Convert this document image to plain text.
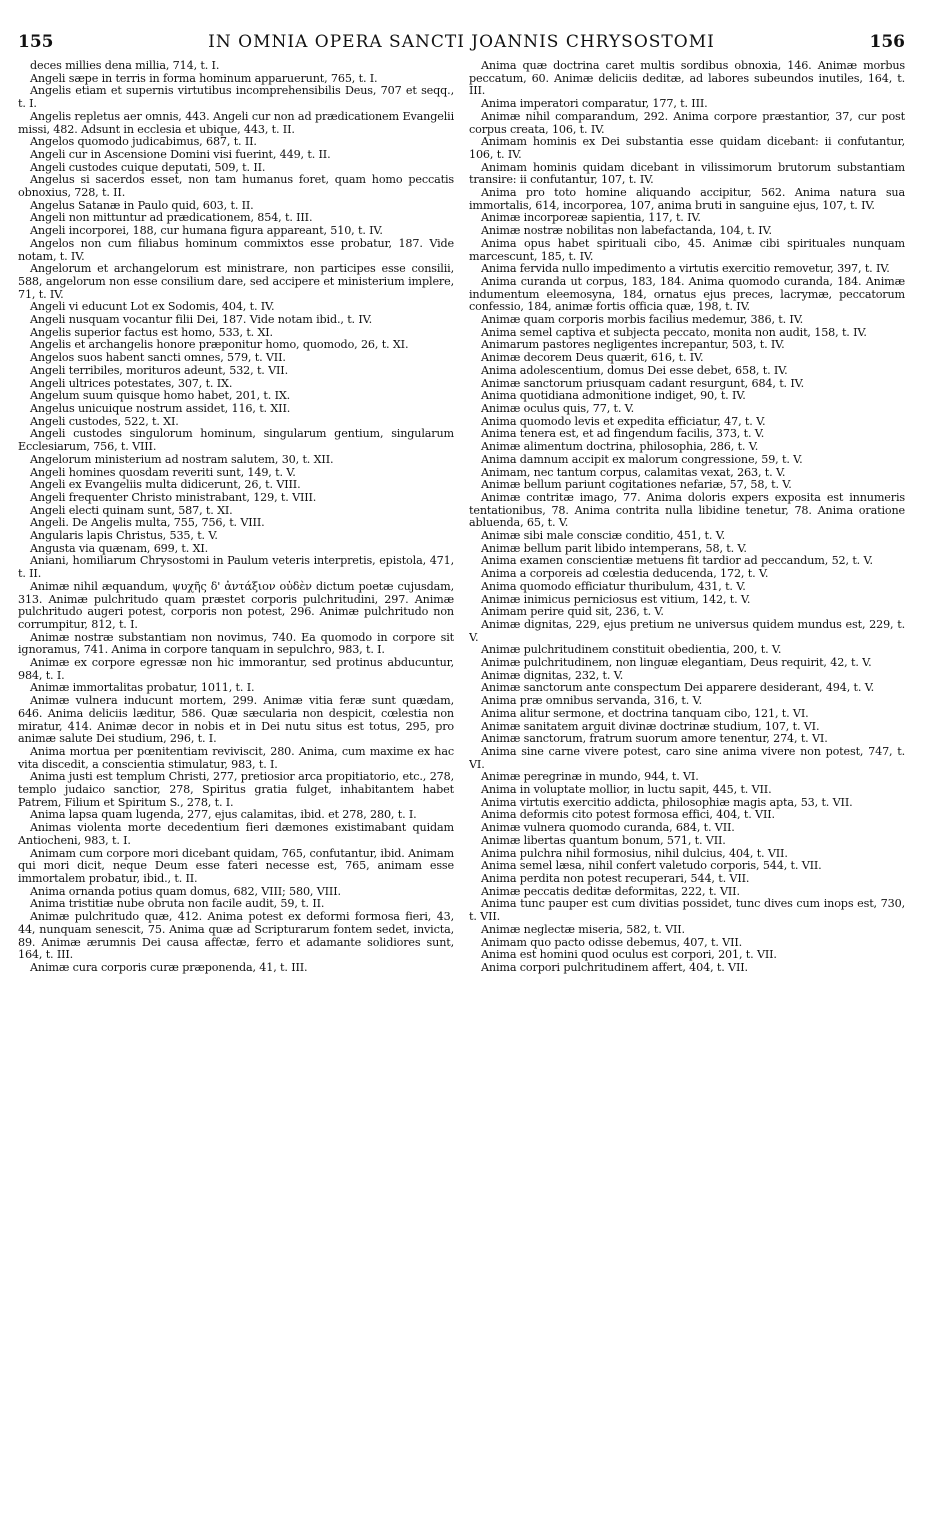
155	IN OMNIA OPERA SANCTI JOANNIS CHRYSOSTOMI	156

deces millies dena millia, 714, t. I.

Angeli sæpe in terris in forma hominum apparuerunt, 765, t. I.

Angelis etiam et supernis virtutibus incomprehensibilis Deus, 707 et seqq., t. I.

Angelis repletus aer omnis, 443. Angeli cur non ad prædicationem Evangelii missi, 482. Adsunt in ecclesia et ubique, 443, t. II.

Angelos quomodo judicabimus, 687, t. II.

Angeli cur in Ascensione Domini visi fuerint, 449, t. II.

Angeli custodes cuique deputati, 509, t. II.

Angelus si sacerdos esset, non tam humanus foret, quam homo peccatis obnoxius, 728, t. II.

Angelus Satanæ in Paulo quid, 603, t. II.

Angeli non mittuntur ad prædicationem, 854, t. III.

Angeli incorporei, 188, cur humana figura appareant, 510, t. IV.

Angelos non cum filiabus hominum commixtos esse probatur, 187. Vide notam, t. IV.

Angelorum et archangelorum est ministrare, non participes esse consilii, 588, angelorum non esse consilium dare, sed accipere et ministerium implere, 71, t. IV.

Angeli vi educunt Lot ex Sodomis, 404, t. IV.

Angeli nusquam vocantur filii Dei, 187. Vide notam ibid., t. IV.

Angelis superior factus est homo, 533, t. XI.

Angelis et archangelis honore præponitur homo, quomodo, 26, t. XI.

Angelos suos habent sancti omnes, 579, t. VII.

Angeli terribiles, morituros adeunt, 532, t. VII.

Angeli ultrices potestates, 307, t. IX.

Angelum suum quisque homo habet, 201, t. IX.

Angelus unicuique nostrum assidet, 116, t. XII.

Angeli custodes, 522, t. XI.

Angeli custodes singulorum hominum, singularum gentium, singularum Ecclesiarum, 756, t. VIII.

Angelorum ministerium ad nostram salutem, 30, t. XII.

Angeli homines quosdam reveriti sunt, 149, t. V.

Angeli ex Evangeliis multa didicerunt, 26, t. VIII.

Angeli frequenter Christo ministrabant, 129, t. VIII.

Angeli electi quinam sunt, 587, t. XI.

Angeli. De Angelis multa, 755, 756, t. VIII.

Angularis lapis Christus, 535, t. V.

Angusta via quænam, 699, t. XI.

Aniani, homiliarum Chrysostomi in Paulum veteris interpretis, epistola, 471, t. II.

Animæ nihil æquandum, ψυχῆς δ' ἀντάξιον οὐδὲν dictum poetæ cujusdam, 313. Animæ pulchritudo quam præstet corporis pulchritudini, 297. Animæ pulchritudo augeri potest, corporis non potest, 296. Animæ pulchritudo non corrumpitur, 812, t. I.

Animæ nostræ substantiam non novimus, 740. Ea quomodo in corpore sit ignoramus, 741. Anima in corpore tanquam in sepulchro, 983, t. I.

Animæ ex corpore egressæ non hic immorantur, sed protinus abducuntur, 984, t. I.

Animæ immortalitas probatur, 1011, t. I.

Animæ vulnera inducunt mortem, 299. Animæ vitia feræ sunt quædam, 646. Anima deliciis læditur, 586. Quæ sæcularia non despicit, cœlestia non miratur, 414. Animæ decor in nobis et in Dei nutu situs est totus, 295, pro animæ salute Dei studium, 296, t. I.

Anima mortua per pœnitentiam reviviscit, 280. Anima, cum maxime ex hac vita discedit, a conscientia stimulatur, 983, t. I.

Anima justi est templum Christi, 277, pretiosior arca propitiatorio, etc., 278, templo judaico sanctior, 278, Spiritus gratia fulget, inhabitantem habet Patrem, Filium et Spiritum S., 278, t. I.

Anima lapsa quam lugenda, 277, ejus calamitas, ibid. et 278, 280, t. I.

Animas violenta morte decedentium fieri dæmones existimabant quidam Antiocheni, 983, t. I.

Animam cum corpore mori dicebant quidam, 765, confutantur, ibid. Animam qui mori dicit, neque Deum esse fateri necesse est, 765, animam esse immortalem probatur, ibid., t. II.

Anima ornanda potius quam domus, 682, VIII; 580, VIII.

Anima tristitiæ nube obruta non facile audit, 59, t. II.

Animæ pulchritudo quæ, 412. Anima potest ex deformi formosa fieri, 43, 44, nunquam senescit, 75. Anima quæ ad Scripturarum fontem sedet, invicta, 89. Animæ ærumnis Dei causa affectæ, ferro et adamante solidiores sunt, 164, t. III.

Animæ cura corporis curæ præponenda, 41, t. III.

Anima quæ doctrina caret multis sordibus obnoxia, 146. Animæ morbus peccatum, 60. Animæ deliciis deditæ, ad labores subeundos inutiles, 164, t. III.

Anima imperatori comparatur, 177, t. III.

Animæ nihil comparandum, 292. Anima corpore præstantior, 37, cur post corpus creata, 106, t. IV.

Animam hominis ex Dei substantia esse quidam dicebant: ii confutantur, 106, t. IV.

Animam hominis quidam dicebant in vilissimorum brutorum substantiam transire: ii confutantur, 107, t. IV.

Anima pro toto homine aliquando accipitur, 562. Anima natura sua immortalis, 614, incorporea, 107, anima bruti in sanguine ejus, 107, t. IV.

Animæ incorporeæ sapientia, 117, t. IV.

Animæ nostræ nobilitas non labefactanda, 104, t. IV.

Anima opus habet spirituali cibo, 45. Animæ cibi spirituales nunquam marcescunt, 185, t. IV.

Anima fervida nullo impedimento a virtutis exercitio removetur, 397, t. IV.

Anima curanda ut corpus, 183, 184. Anima quomodo curanda, 184. Animæ indumentum eleemosyna, 184, ornatus ejus preces, lacrymæ, peccatorum confessio, 184, animæ fortis officia quæ, 198, t. IV.

Animæ quam corporis morbis facilius medemur, 386, t. IV.

Anima semel captiva et subjecta peccato, monita non audit, 158, t. IV.

Animarum pastores negligentes increpantur, 503, t. IV.

Animæ decorem Deus quærit, 616, t. IV.

Anima adolescentium, domus Dei esse debet, 658, t. IV.

Animæ sanctorum priusquam cadant resurgunt, 684, t. IV.

Anima quotidiana admonitione indiget, 90, t. IV.

Animæ oculus quis, 77, t. V.

Anima quomodo levis et expedita efficiatur, 47, t. V.

Anima tenera est, et ad fingendum facilis, 373, t. V.

Animæ alimentum doctrina, philosophia, 286, t. V.

Anima damnum accipit ex malorum congressione, 59, t. V.

Animam, nec tantum corpus, calamitas vexat, 263, t. V.

Animæ bellum pariunt cogitationes nefariæ, 57, 58, t. V.

Animæ contritæ imago, 77. Anima doloris expers exposita est innumeris tentationibus, 78. Anima contrita nulla libidine tenetur, 78. Anima oratione abluenda, 65, t. V.

Animæ sibi male consciæ conditio, 451, t. V.

Animæ bellum parit libido intemperans, 58, t. V.

Anima examen conscientiæ metuens fit tardior ad peccandum, 52, t. V.

Anima a corporeis ad cœlestia deducenda, 172, t. V.

Anima quomodo efficiatur thuribulum, 431, t. V.

Animæ inimicus perniciosus est vitium, 142, t. V.

Animam perire quid sit, 236, t. V.

Animæ dignitas, 229, ejus pretium ne universus quidem mundus est, 229, t. V.

Animæ pulchritudinem constituit obedientia, 200, t. V.

Animæ pulchritudinem, non linguæ elegantiam, Deus requirit, 42, t. V.

Animæ dignitas, 232, t. V.

Animæ sanctorum ante conspectum Dei apparere desiderant, 494, t. V.

Anima præ omnibus servanda, 316, t. V.

Anima alitur sermone, et doctrina tanquam cibo, 121, t. VI.

Animæ sanitatem arguit divinæ doctrinæ studium, 107, t. VI.

Animæ sanctorum, fratrum suorum amore tenentur, 274, t. VI.

Anima sine carne vivere potest, caro sine anima vivere non potest, 747, t. VI.

Animæ peregrinæ in mundo, 944, t. VI.

Anima in voluptate mollior, in luctu sapit, 445, t. VII.

Anima virtutis exercitio addicta, philosophiæ magis apta, 53, t. VII.

Anima deformis cito potest formosa effici, 404, t. VII.

Animæ vulnera quomodo curanda, 684, t. VII.

Animæ libertas quantum bonum, 571, t. VII.

Anima pulchra nihil formosius, nihil dulcius, 404, t. VII.

Anima semel læsa, nihil confert valetudo corporis, 544, t. VII.

Anima perdita non potest recuperari, 544, t. VII.

Animæ peccatis deditæ deformitas, 222, t. VII.

Anima tunc pauper est cum divitias possidet, tunc dives cum inops est, 730, t. VII.

Animæ neglectæ miseria, 582, t. VII.

Animam quo pacto odisse debemus, 407, t. VII.

Anima est homini quod oculus est corpori, 201, t. VII.

Anima corpori pulchritudinem affert, 404, t. VII.
